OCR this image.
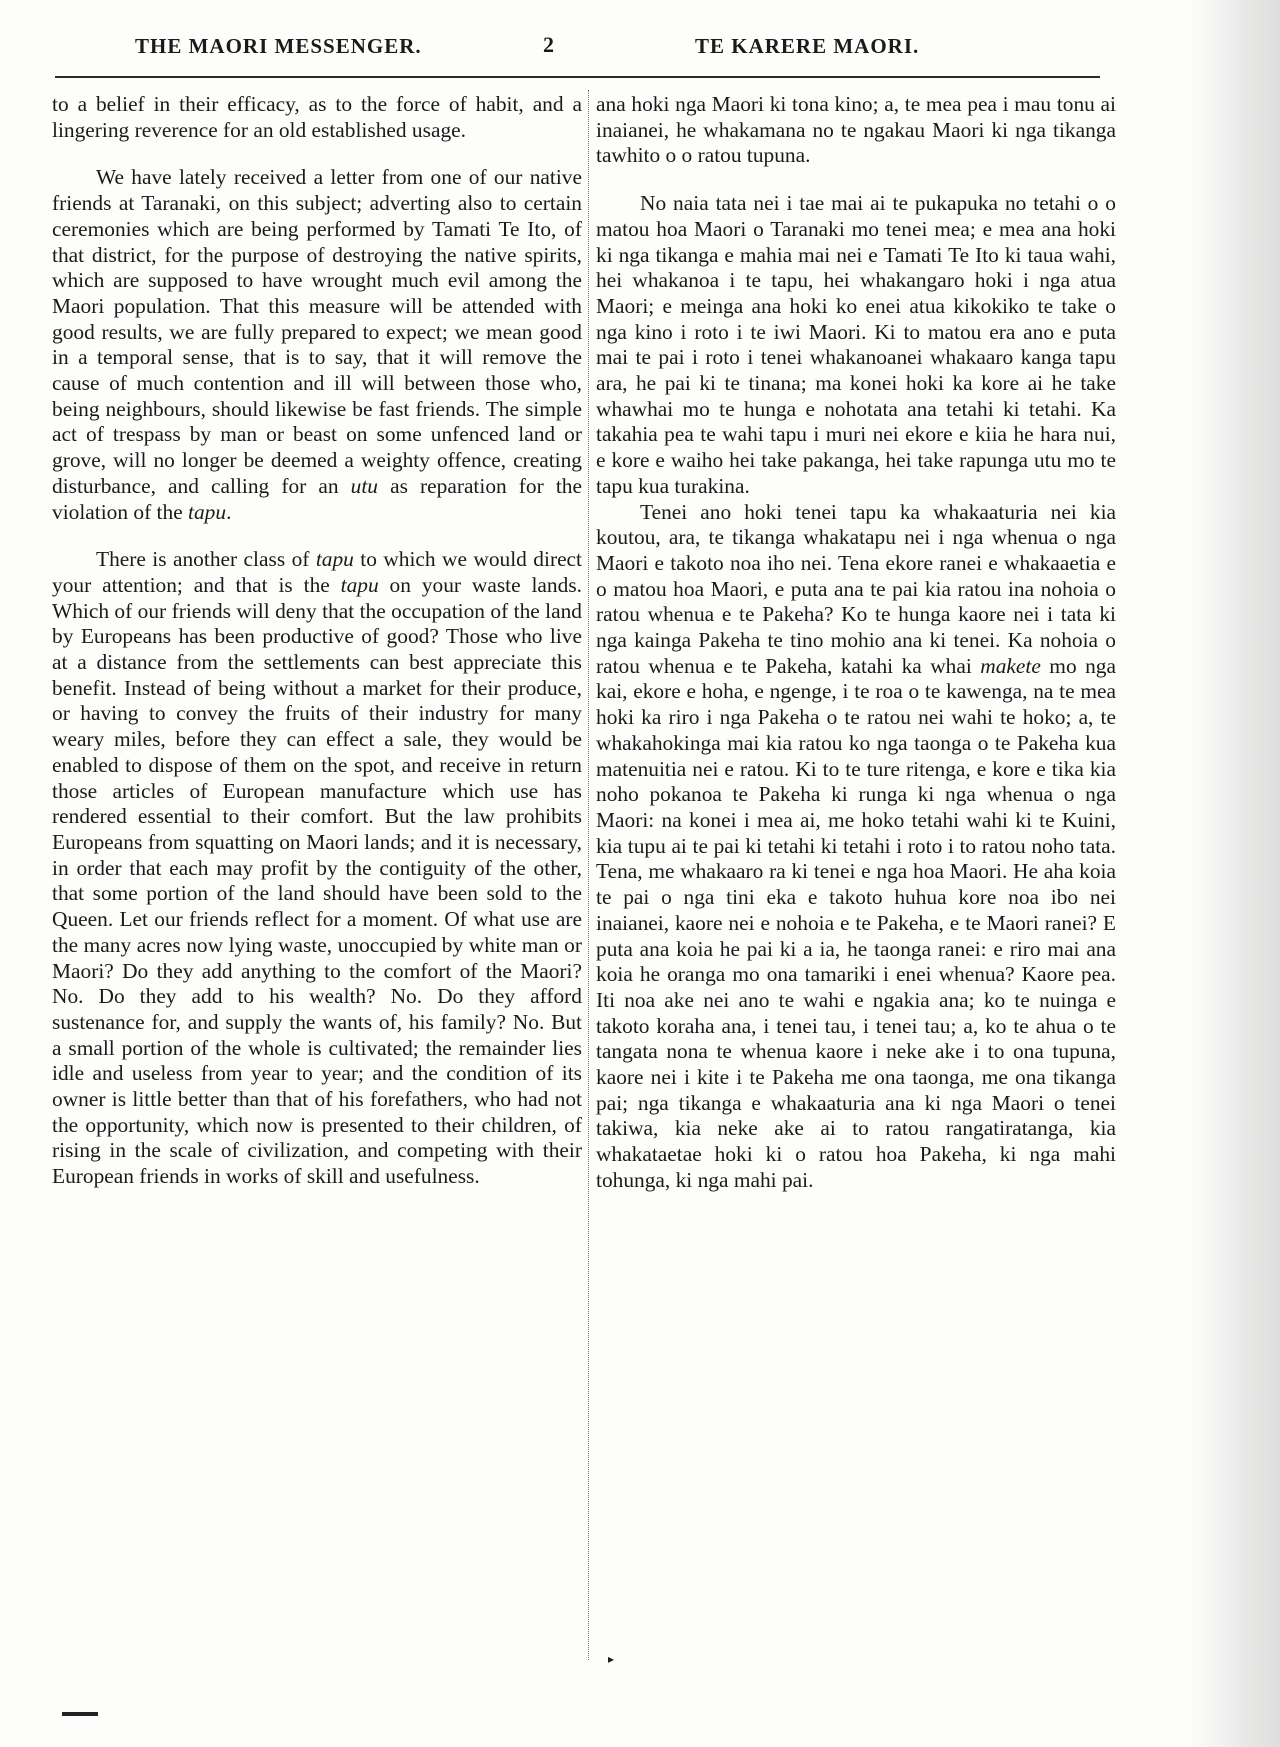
THE MAORI MESSENGER.	2	TE KARERE MAORI.

to a belief in their efficacy, as to the force of habit, and a lingering reverence for an old established usage.

We have lately received a letter from one of our native friends at Taranaki, on this subject; adverting also to certain ceremonies which are being performed by Tamati Te Ito, of that district, for the purpose of destroying the native spirits, which are supposed to have wrought much evil among the Maori population. That this measure will be attended with good results, we are fully prepared to expect; we mean good in a temporal sense, that is to say, that it will remove the cause of much contention and ill will between those who, being neighbours, should likewise be fast friends. The simple act of trespass by man or beast on some unfenced land or grove, will no longer be deemed a weighty offence, creating disturbance, and calling for an utu as reparation for the violation of the tapu.

There is another class of tapu to which we would direct your attention; and that is the tapu on your waste lands. Which of our friends will deny that the occupation of the land by Europeans has been productive of good? Those who live at a distance from the settlements can best appreciate this benefit. Instead of being without a market for their produce, or having to convey the fruits of their industry for many weary miles, before they can effect a sale, they would be enabled to dispose of them on the spot, and receive in return those articles of European manufacture which use has rendered essential to their comfort. But the law prohibits Europeans from squatting on Maori lands; and it is necessary, in order that each may profit by the contiguity of the other, that some portion of the land should have been sold to the Queen. Let our friends reflect for a moment. Of what use are the many acres now lying waste, unoccupied by white man or Maori? Do they add anything to the comfort of the Maori? No. Do they add to his wealth? No. Do they afford sustenance for, and supply the wants of, his family? No. But a small portion of the whole is cultivated; the remainder lies idle and useless from year to year; and the condition of its owner is little better than that of his forefathers, who had not the opportunity, which now is presented to their children, of rising in the scale of civilization, and competing with their European friends in works of skill and usefulness.

ana hoki nga Maori ki tona kino; a, te mea pea i mau tonu ai inaianei, he whakamana no te ngakau Maori ki nga tikanga tawhito o o ratou tupuna.

No naia tata nei i tae mai ai te pukapuka no tetahi o o matou hoa Maori o Taranaki mo tenei mea; e mea ana hoki ki nga tikanga e mahia mai nei e Tamati Te Ito ki taua wahi, hei whakanoa i te tapu, hei whakangaro hoki i nga atua Maori; e meinga ana hoki ko enei atua kikokiko te take o nga kino i roto i te iwi Maori. Ki to matou era ano e puta mai te pai i roto i tenei whakanoanei whakaaro kanga tapu ara, he pai ki te tinana; ma konei hoki ka kore ai he take whawhai mo te hunga e nohotata ana tetahi ki tetahi. Ka takahia pea te wahi tapu i muri nei ekore e kiia he hara nui, e kore e waiho hei take pakanga, hei take rapunga utu mo te tapu kua turakina.

Tenei ano hoki tenei tapu ka whakaaturia nei kia koutou, ara, te tikanga whakatapu nei i nga whenua o nga Maori e takoto noa iho nei. Tena ekore ranei e whakaaetia e o matou hoa Maori, e puta ana te pai kia ratou ina nohoia o ratou whenua e te Pakeha? Ko te hunga kaore nei i tata ki nga kainga Pakeha te tino mohio ana ki tenei. Ka nohoia o ratou whenua e te Pakeha, katahi ka whai makete mo nga kai, ekore e hoha, e ngenge, i te roa o te kawenga, na te mea hoki ka riro i nga Pakeha o te ratou nei wahi te hoko; a, te whakahokinga mai kia ratou ko nga taonga o te Pakeha kua matenuitia nei e ratou. Ki to te ture ritenga, e kore e tika kia noho pokanoa te Pakeha ki runga ki nga whenua o nga Maori: na konei i mea ai, me hoko tetahi wahi ki te Kuini, kia tupu ai te pai ki tetahi ki tetahi i roto i to ratou noho tata. Tena, me whakaaro ra ki tenei e nga hoa Maori. He aha koia te pai o nga tini eka e takoto huhua kore noa ibo nei inaianei, kaore nei e nohoia e te Pakeha, e te Maori ranei? E puta ana koia he pai ki a ia, he taonga ranei: e riro mai ana koia he oranga mo ona tamariki i enei whenua? Kaore pea. Iti noa ake nei ano te wahi e ngakia ana; ko te nuinga e takoto koraha ana, i tenei tau, i tenei tau; a, ko te ahua o te tangata nona te whenua kaore i neke ake i to ona tupuna, kaore nei i kite i te Pakeha me ona taonga, me ona tikanga pai; nga tikanga e whakaaturia ana ki nga Maori o tenei takiwa, kia neke ake ai to ratou rangatiratanga, kia whakataetae hoki ki o ratou hoa Pakeha, ki nga mahi tohunga, ki nga mahi pai.

▸
